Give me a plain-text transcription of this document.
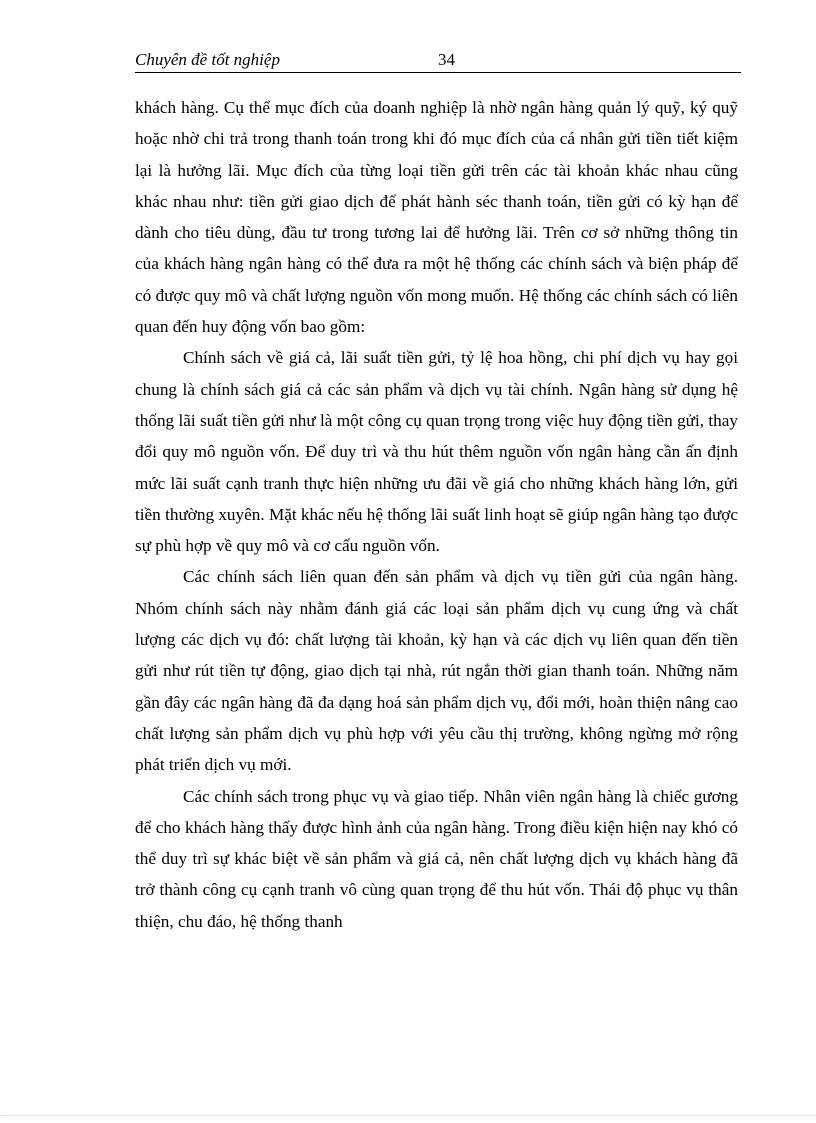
Chuyên đề tốt nghiệp	34

khách hàng. Cụ thể mục đích của doanh nghiệp là nhờ ngân hàng quản lý quỹ, ký quỹ hoặc nhờ chi trả trong thanh toán trong khi đó mục đích của cá nhân gửi tiền tiết kiệm lại là hưởng lãi. Mục đích của từng loại tiền gửi trên các tài khoản khác nhau cũng khác nhau như: tiền gửi giao dịch để phát hành séc thanh toán, tiền gửi có kỳ hạn để dành cho tiêu dùng, đầu tư trong tương lai để hưởng lãi. Trên cơ sở những thông tin của khách hàng ngân hàng có thể đưa ra một hệ thống các chính sách và biện pháp để có được quy mô và chất lượng nguồn vốn mong muốn. Hệ thống các chính sách có liên quan đến huy động vốn bao gồm:

Chính sách về giá cả, lãi suất tiền gửi, tỷ lệ hoa hồng, chi phí dịch vụ hay gọi chung là chính sách giá cả các sản phẩm và dịch vụ tài chính. Ngân hàng sử dụng hệ thống lãi suất tiền gửi như là một công cụ quan trọng trong việc huy động tiền gửi, thay đổi quy mô nguồn vốn. Để duy trì và thu hút thêm nguồn vốn ngân hàng cần ấn định mức lãi suất cạnh tranh thực hiện những ưu đãi về giá cho những khách hàng lớn, gửi tiền thường xuyên. Mặt khác nếu hệ thống lãi suất linh hoạt sẽ giúp ngân hàng tạo được sự phù hợp về quy mô và cơ cấu nguồn vốn.

Các chính sách liên quan đến sản phẩm và dịch vụ tiền gửi của ngân hàng. Nhóm chính sách này nhằm đánh giá các loại sản phẩm dịch vụ cung ứng và chất lượng các dịch vụ đó: chất lượng tài khoản, kỳ hạn và các dịch vụ liên quan đến tiền gửi như rút tiền tự động, giao dịch tại nhà, rút ngắn thời gian thanh toán. Những năm gần đây các ngân hàng đã đa dạng hoá sản phẩm dịch vụ, đổi mới, hoàn thiện nâng cao chất lượng sản phẩm dịch vụ phù hợp với yêu cầu thị trường, không ngừng mở rộng phát triển dịch vụ mới.

Các chính sách trong phục vụ và giao tiếp. Nhân viên ngân hàng là chiếc gương để cho khách hàng thấy được hình ảnh của ngân hàng. Trong điều kiện hiện nay khó có thể duy trì sự khác biệt về sản phẩm và giá cả, nên chất lượng dịch vụ khách hàng đã trở thành công cụ cạnh tranh vô cùng quan trọng để thu hút vốn. Thái độ phục vụ thân thiện, chu đáo, hệ thống thanh
